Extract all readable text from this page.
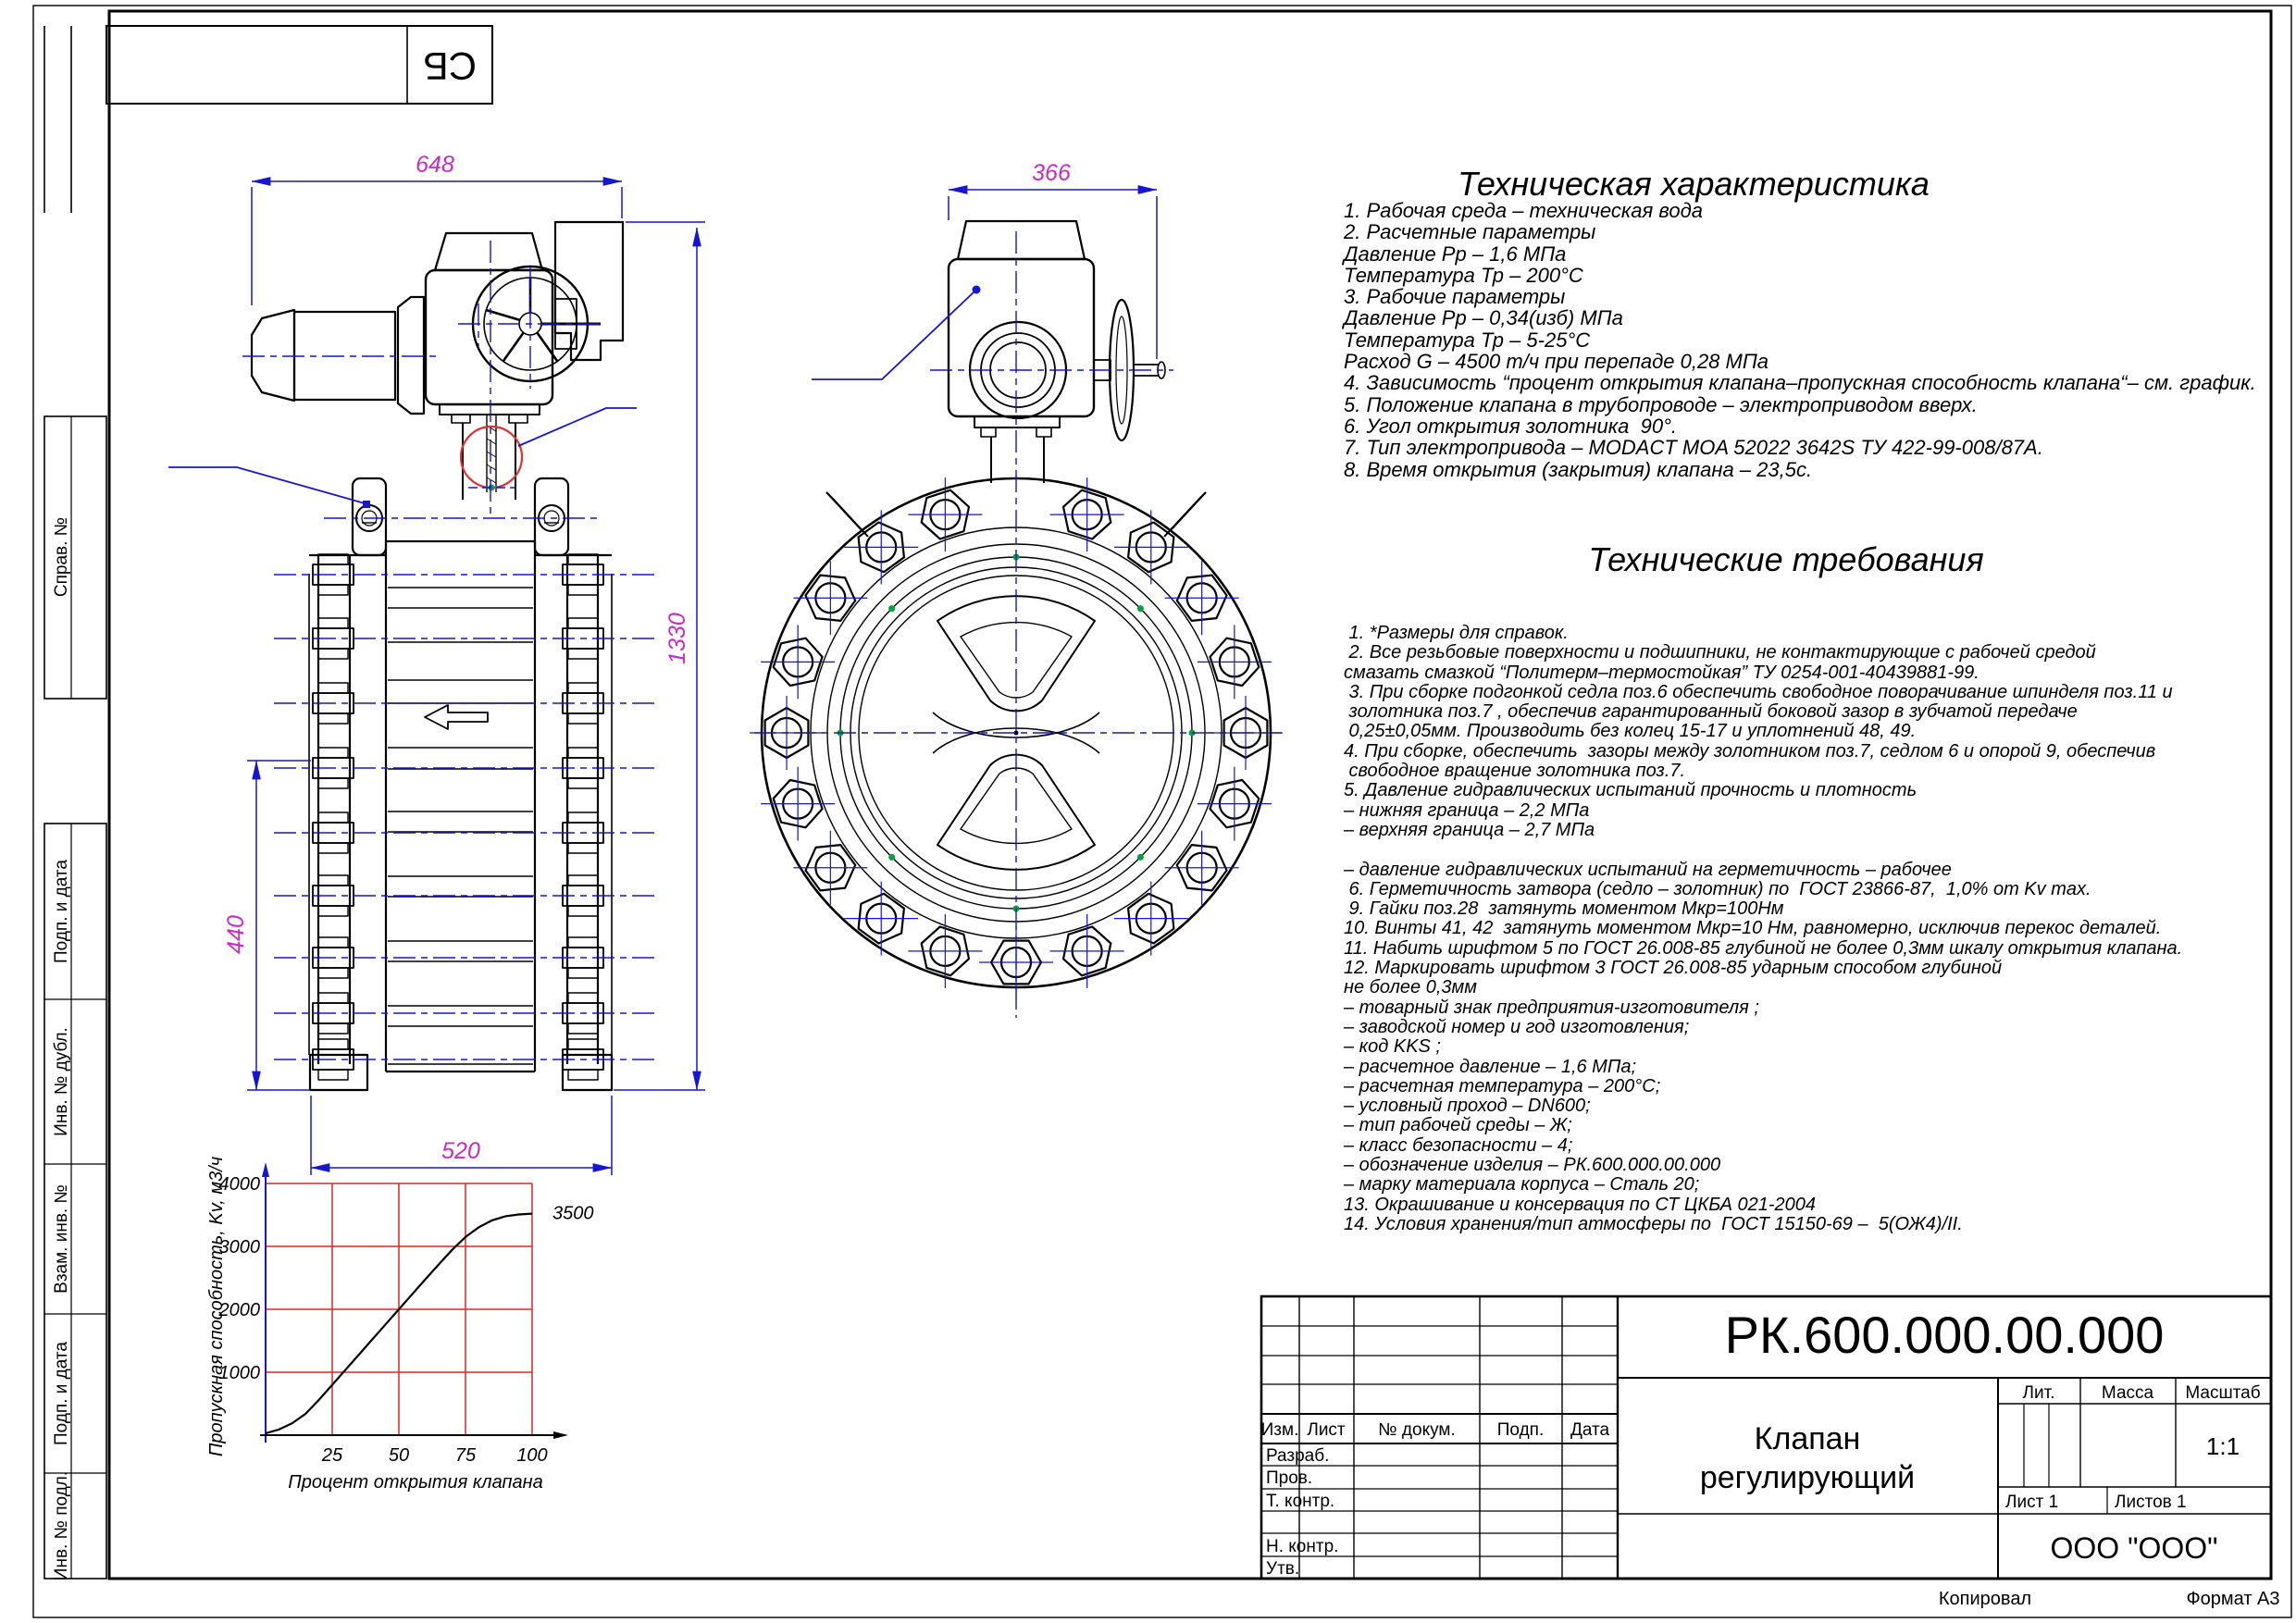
СБ
Справ. №
Подп. и дата
Инв. № дубл.
Взам. инв. №
Подп. и дата
Инв. № подл.
Копировал	Формат А3
648	366
1330
440
520
1000
2000
3000
4000
25 50 75 100
Пропускная способность, Kv, м3/ч
Процент открытия клапана
3500
Изм. Лист № докум. Подп. Дата
Разраб.
Пров.
Т. контр.
Н. контр.
Утв.
РК.600.000.00.000
Клапан
регулирующий
Лит.	Масса Масштаб
1:1
Лист 1	Листов 1
ООО "ООО"
Техническая характеристика
1. Рабочая среда – техническая вода
2. Расчетные параметры
Давление Рр – 1,6 МПа
Температура Тр – 200°С
3. Рабочие параметры
Давление Рр – 0,34(изб) МПа
Температура Тр – 5-25°С
Расход G – 4500 т/ч при перепаде 0,28 МПа
4. Зависимость “процент открытия клапана–пропускная способность клапана“– см. график.
5. Положение клапана в трубопроводе – электроприводом вверх.
6. Угол открытия золотника  90°.
7. Тип электропривода – MODACT MOA 52022 3642S ТУ 422-99-008/87А.
8. Время открытия (закрытия) клапана – 23,5с.
Технические требования
1. *Размеры для справок.
2. Все резьбовые поверхности и подшипники, не контактирующие с рабочей средой
смазать смазкой “Политерм–термостойкая” ТУ 0254-001-40439881-99.
3. При сборке подгонкой седла поз.6 обеспечить свободное поворачивание шпинделя поз.11 и
золотника поз.7 , обеспечив гарантированный боковой зазор в зубчатой передаче
0,25±0,05мм. Производить без колец 15-17 и уплотнений 48, 49.
4. При сборке, обеспечить  зазоры между золотником поз.7, седлом 6 и опорой 9, обеспечив
свободное вращение золотника поз.7.
5. Давление гидравлических испытаний прочность и плотность
– нижняя граница – 2,2 МПа
– верхняя граница – 2,7 МПа

– давление гидравлических испытаний на герметичность – рабочее
6. Герметичность затвора (седло – золотник) по  ГОСТ 23866-87,  1,0% от Kv max.
9. Гайки поз.28  затянуть моментом Мкр=100Нм
10. Винты 41, 42  затянуть моментом Мкр=10 Нм, равномерно, исключив перекос деталей.
11. Набить шрифтом 5 по ГОСТ 26.008-85 глубиной не более 0,3мм шкалу открытия клапана.
12. Маркировать шрифтом 3 ГОСТ 26.008-85 ударным способом глубиной
не более 0,3мм
– товарный знак предприятия-изготовителя ;
– заводской номер и год изготовления;
– код KKS ;
– расчетное давление – 1,6 МПа;
– расчетная температура – 200°С;
– условный проход – DN600;
– тип рабочей среды – Ж;
– класс безопасности – 4;
– обозначение изделия – РК.600.000.00.000
– марку материала корпуса – Сталь 20;
13. Окрашивание и консервация по СТ ЦКБА 021-2004
14. Условия хранения/тип атмосферы по  ГОСТ 15150-69 –  5(ОЖ4)/II.
